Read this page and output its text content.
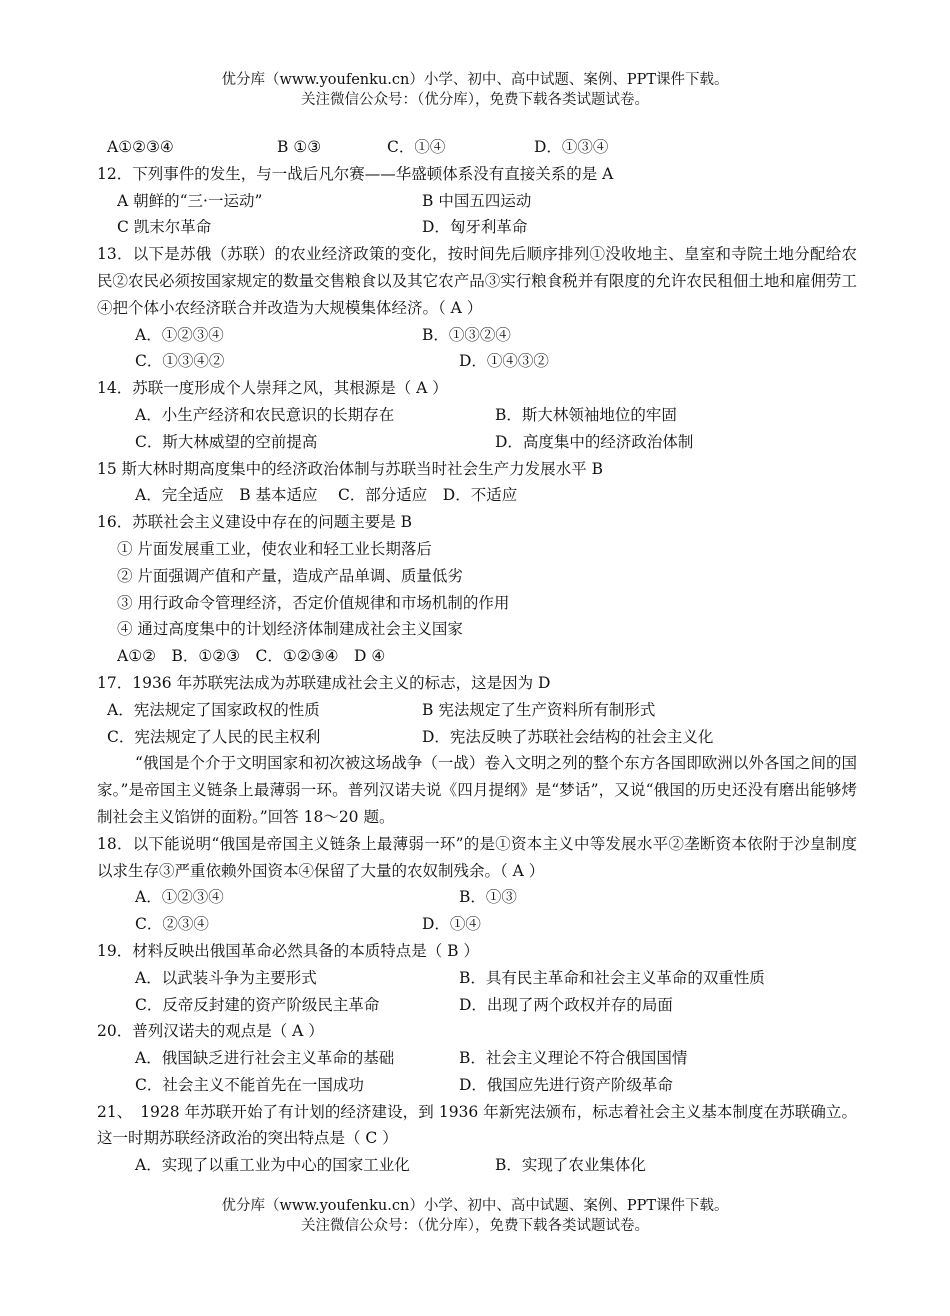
优分库（www.youfenku.cn）小学、初中、高中试题、案例、PPT课件下载。
关注微信公众号：（优分库），免费下载各类试题试卷。
A①②③④	B ①③	C．①④	D．①③④
12．下列事件的发生，与一战后凡尔赛——华盛顿体系没有直接关系的是 A
A 朝鲜的“三·一运动”	B 中国五四运动
C 凯末尔革命	D．匈牙利革命
13．以下是苏俄（苏联）的农业经济政策的变化，按时间先后顺序排列①没收地主、皇室和寺院土地分配给农民②农民必须按国家规定的数量交售粮食以及其它农产品③实行粮食税并有限度的允许农民租佃土地和雇佣劳工④把个体小农经济联合并改造为大规模集体经济。（ A ）
A．①②③④	B．①③②④
C．①③④②	D．①④③②
14．苏联一度形成个人崇拜之风，其根源是（ A ）
A．小生产经济和农民意识的长期存在	B．斯大林领袖地位的牢固
C．斯大林威望的空前提高	D．高度集中的经济政治体制
15 斯大林时期高度集中的经济政治体制与苏联当时社会生产力发展水平 B
A．完全适应　B 基本适应　 C．部分适应　D．不适应
16．苏联社会主义建设中存在的问题主要是 B
① 片面发展重工业，使农业和轻工业长期落后
② 片面强调产值和产量，造成产品单调、质量低劣
③ 用行政命令管理经济，否定价值规律和市场机制的作用
④ 通过高度集中的计划经济体制建成社会主义国家
A①②　B．①②③　C．①②③④　D ④
17．1936 年苏联宪法成为苏联建成社会主义的标志，这是因为 D
A．宪法规定了国家政权的性质	B 宪法规定了生产资料所有制形式
C．宪法规定了人民的民主权利	D．宪法反映了苏联社会结构的社会主义化
“俄国是个介于文明国家和初次被这场战争（一战）卷入文明之列的整个东方各国即欧洲以外各国之间的国家。”是帝国主义链条上最薄弱一环。普列汉诺夫说《四月提纲》是“梦话”，又说“俄国的历史还没有磨出能够烤制社会主义馅饼的面粉。”回答 18～20 题。
18．以下能说明“俄国是帝国主义链条上最薄弱一环”的是①资本主义中等发展水平②垄断资本依附于沙皇制度以求生存③严重依赖外国资本④保留了大量的农奴制残余。（ A ）
A．①②③④	B．①③
C．②③④	D．①④
19．材料反映出俄国革命必然具备的本质特点是（ B ）
A．以武装斗争为主要形式	B．具有民主革命和社会主义革命的双重性质
C．反帝反封建的资产阶级民主革命	D．出现了两个政权并存的局面
20．普列汉诺夫的观点是（ A ）
A．俄国缺乏进行社会主义革命的基础	B．社会主义理论不符合俄国国情
C．社会主义不能首先在一国成功	D．俄国应先进行资产阶级革命
21、　1928 年苏联开始了有计划的经济建设，到 1936 年新宪法颁布，标志着社会主义基本制度在苏联确立。这一时期苏联经济政治的突出特点是（ C ）
A．实现了以重工业为中心的国家工业化	B．实现了农业集体化
优分库（www.youfenku.cn）小学、初中、高中试题、案例、PPT课件下载。
关注微信公众号：（优分库），免费下载各类试题试卷。
